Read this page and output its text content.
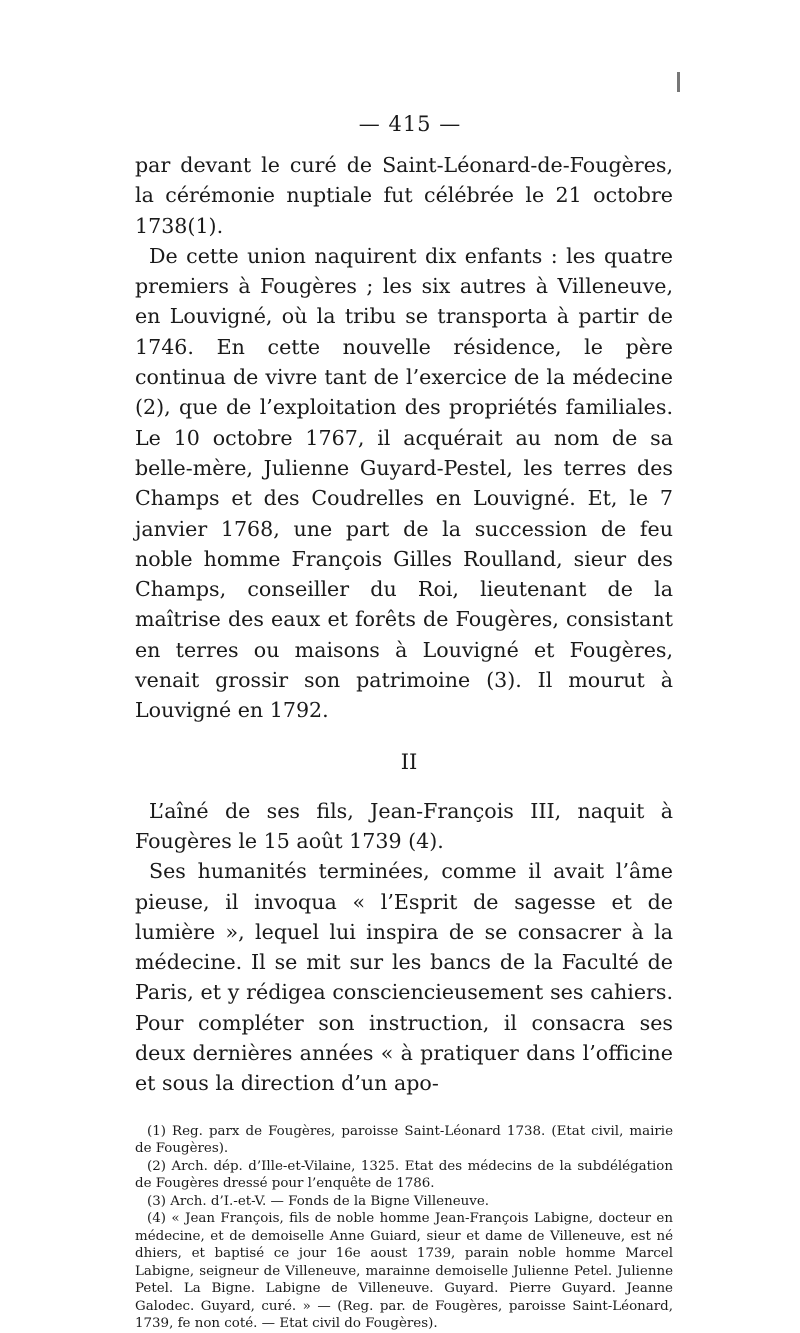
— 415 —

par devant le curé de Saint-Léonard-de-Fougères, la cérémonie nuptiale fut célébrée le 21 octobre 1738(1).

De cette union naquirent dix enfants : les quatre premiers à Fougères ; les six autres à Villeneuve, en Louvigné, où la tribu se transporta à partir de 1746. En cette nouvelle résidence, le père continua de vivre tant de l’exercice de la médecine (2), que de l’exploitation des propriétés familiales. Le 10 octobre 1767, il acquérait au nom de sa belle-mère, Julienne Guyard-Pestel, les terres des Champs et des Coudrelles en Louvigné. Et, le 7 janvier 1768, une part de la succession de feu noble homme François Gilles Roulland, sieur des Champs, conseiller du Roi, lieutenant de la maîtrise des eaux et forêts de Fougères, consistant en terres ou maisons à Louvigné et Fougères, venait grossir son patrimoine (3). Il mourut à Louvigné en 1792.

II

L’aîné de ses fils, Jean-François III, naquit à Fougères le 15 août 1739 (4).

Ses humanités terminées, comme il avait l’âme pieuse, il invoqua « l’Esprit de sagesse et de lumière », lequel lui inspira de se consacrer à la médecine. Il se mit sur les bancs de la Faculté de Paris, et y rédigea consciencieusement ses cahiers. Pour compléter son instruction, il consacra ses deux dernières années « à pratiquer dans l’officine et sous la direction d’un apo-

(1) Reg. parx de Fougères, paroisse Saint-Léonard 1738. (Etat civil, mairie de Fougères).

(2) Arch. dép. d’Ille-et-Vilaine, 1325. Etat des médecins de la subdélégation de Fougères dressé pour l’enquête de 1786.

(3) Arch. d’I.-et-V. — Fonds de la Bigne Villeneuve.

(4) « Jean François, fils de noble homme Jean-François Labigne, docteur en médecine, et de demoiselle Anne Guiard, sieur et dame de Villeneuve, est né dhiers, et baptisé ce jour 16e aoust 1739, parain noble homme Marcel Labigne, seigneur de Villeneuve, marainne demoiselle Julienne Petel. Julienne Petel. La Bigne. Labigne de Villeneuve. Guyard. Pierre Guyard. Jeanne Galodec. Guyard, curé. » — (Reg. par. de Fougères, paroisse Saint-Léonard, 1739, fe non coté. — Etat civil do Fougères).
